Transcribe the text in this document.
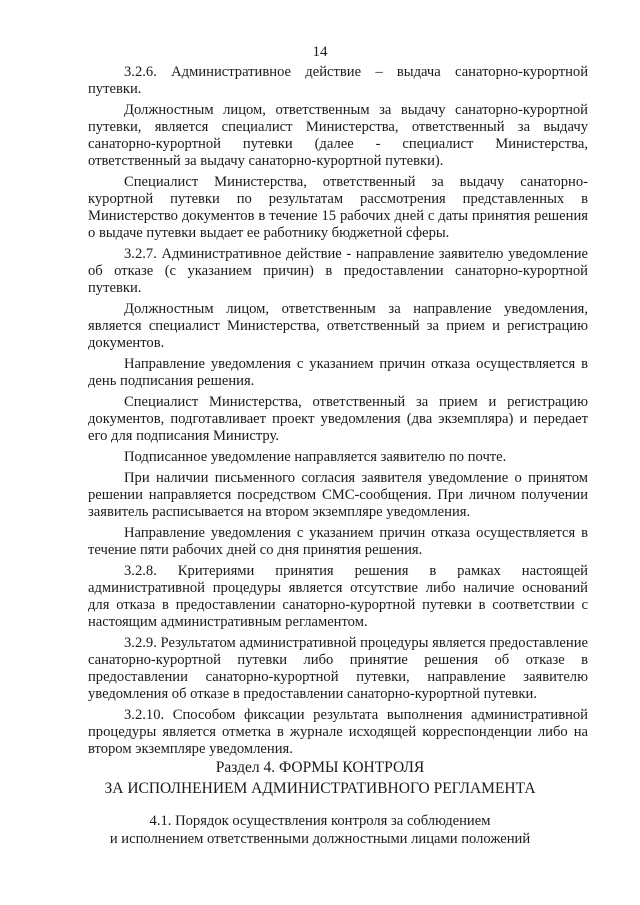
14

3.2.6. Административное действие – выдача санаторно-курортной путевки.

Должностным лицом, ответственным за выдачу санаторно-курортной путевки, является специалист Министерства, ответственный за выдачу санаторно-курортной путевки (далее - специалист Министерства, ответственный за выдачу санаторно-курортной путевки).

Специалист Министерства, ответственный за выдачу санаторно-курортной путевки по результатам рассмотрения представленных в Министерство документов в течение 15 рабочих дней с даты принятия решения о выдаче путевки выдает ее работнику бюджетной сферы.

3.2.7. Административное действие - направление заявителю уведомление об отказе (с указанием причин) в предоставлении санаторно-курортной путевки.

Должностным лицом, ответственным за направление уведомления, является специалист Министерства, ответственный за прием и регистрацию документов.

Направление уведомления с указанием причин отказа осуществляется в день подписания решения.

Специалист Министерства, ответственный за прием и регистрацию документов, подготавливает проект уведомления (два экземпляра) и передает его для подписания Министру.

Подписанное уведомление направляется заявителю по почте.

При наличии письменного согласия заявителя уведомление о принятом решении направляется посредством СМС-сообщения. При личном получении заявитель расписывается на втором экземпляре уведомления.

Направление уведомления с указанием причин отказа осуществляется в течение пяти рабочих дней со дня принятия решения.

3.2.8. Критериями принятия решения в рамках настоящей административной процедуры является отсутствие либо наличие оснований для отказа в предоставлении санаторно-курортной путевки в соответствии с настоящим административным регламентом.

3.2.9. Результатом административной процедуры является предоставление санаторно-курортной путевки либо принятие решения об отказе в предоставлении санаторно-курортной путевки, направление заявителю уведомления об отказе в предоставлении санаторно-курортной путевки.

3.2.10. Способом фиксации результата выполнения административной процедуры является отметка в журнале исходящей корреспонденции либо на втором экземпляре уведомления.

Раздел 4. ФОРМЫ КОНТРОЛЯ
ЗА ИСПОЛНЕНИЕМ АДМИНИСТРАТИВНОГО РЕГЛАМЕНТА
4.1. Порядок осуществления контроля за соблюдением
и исполнением ответственными должностными лицами положений
